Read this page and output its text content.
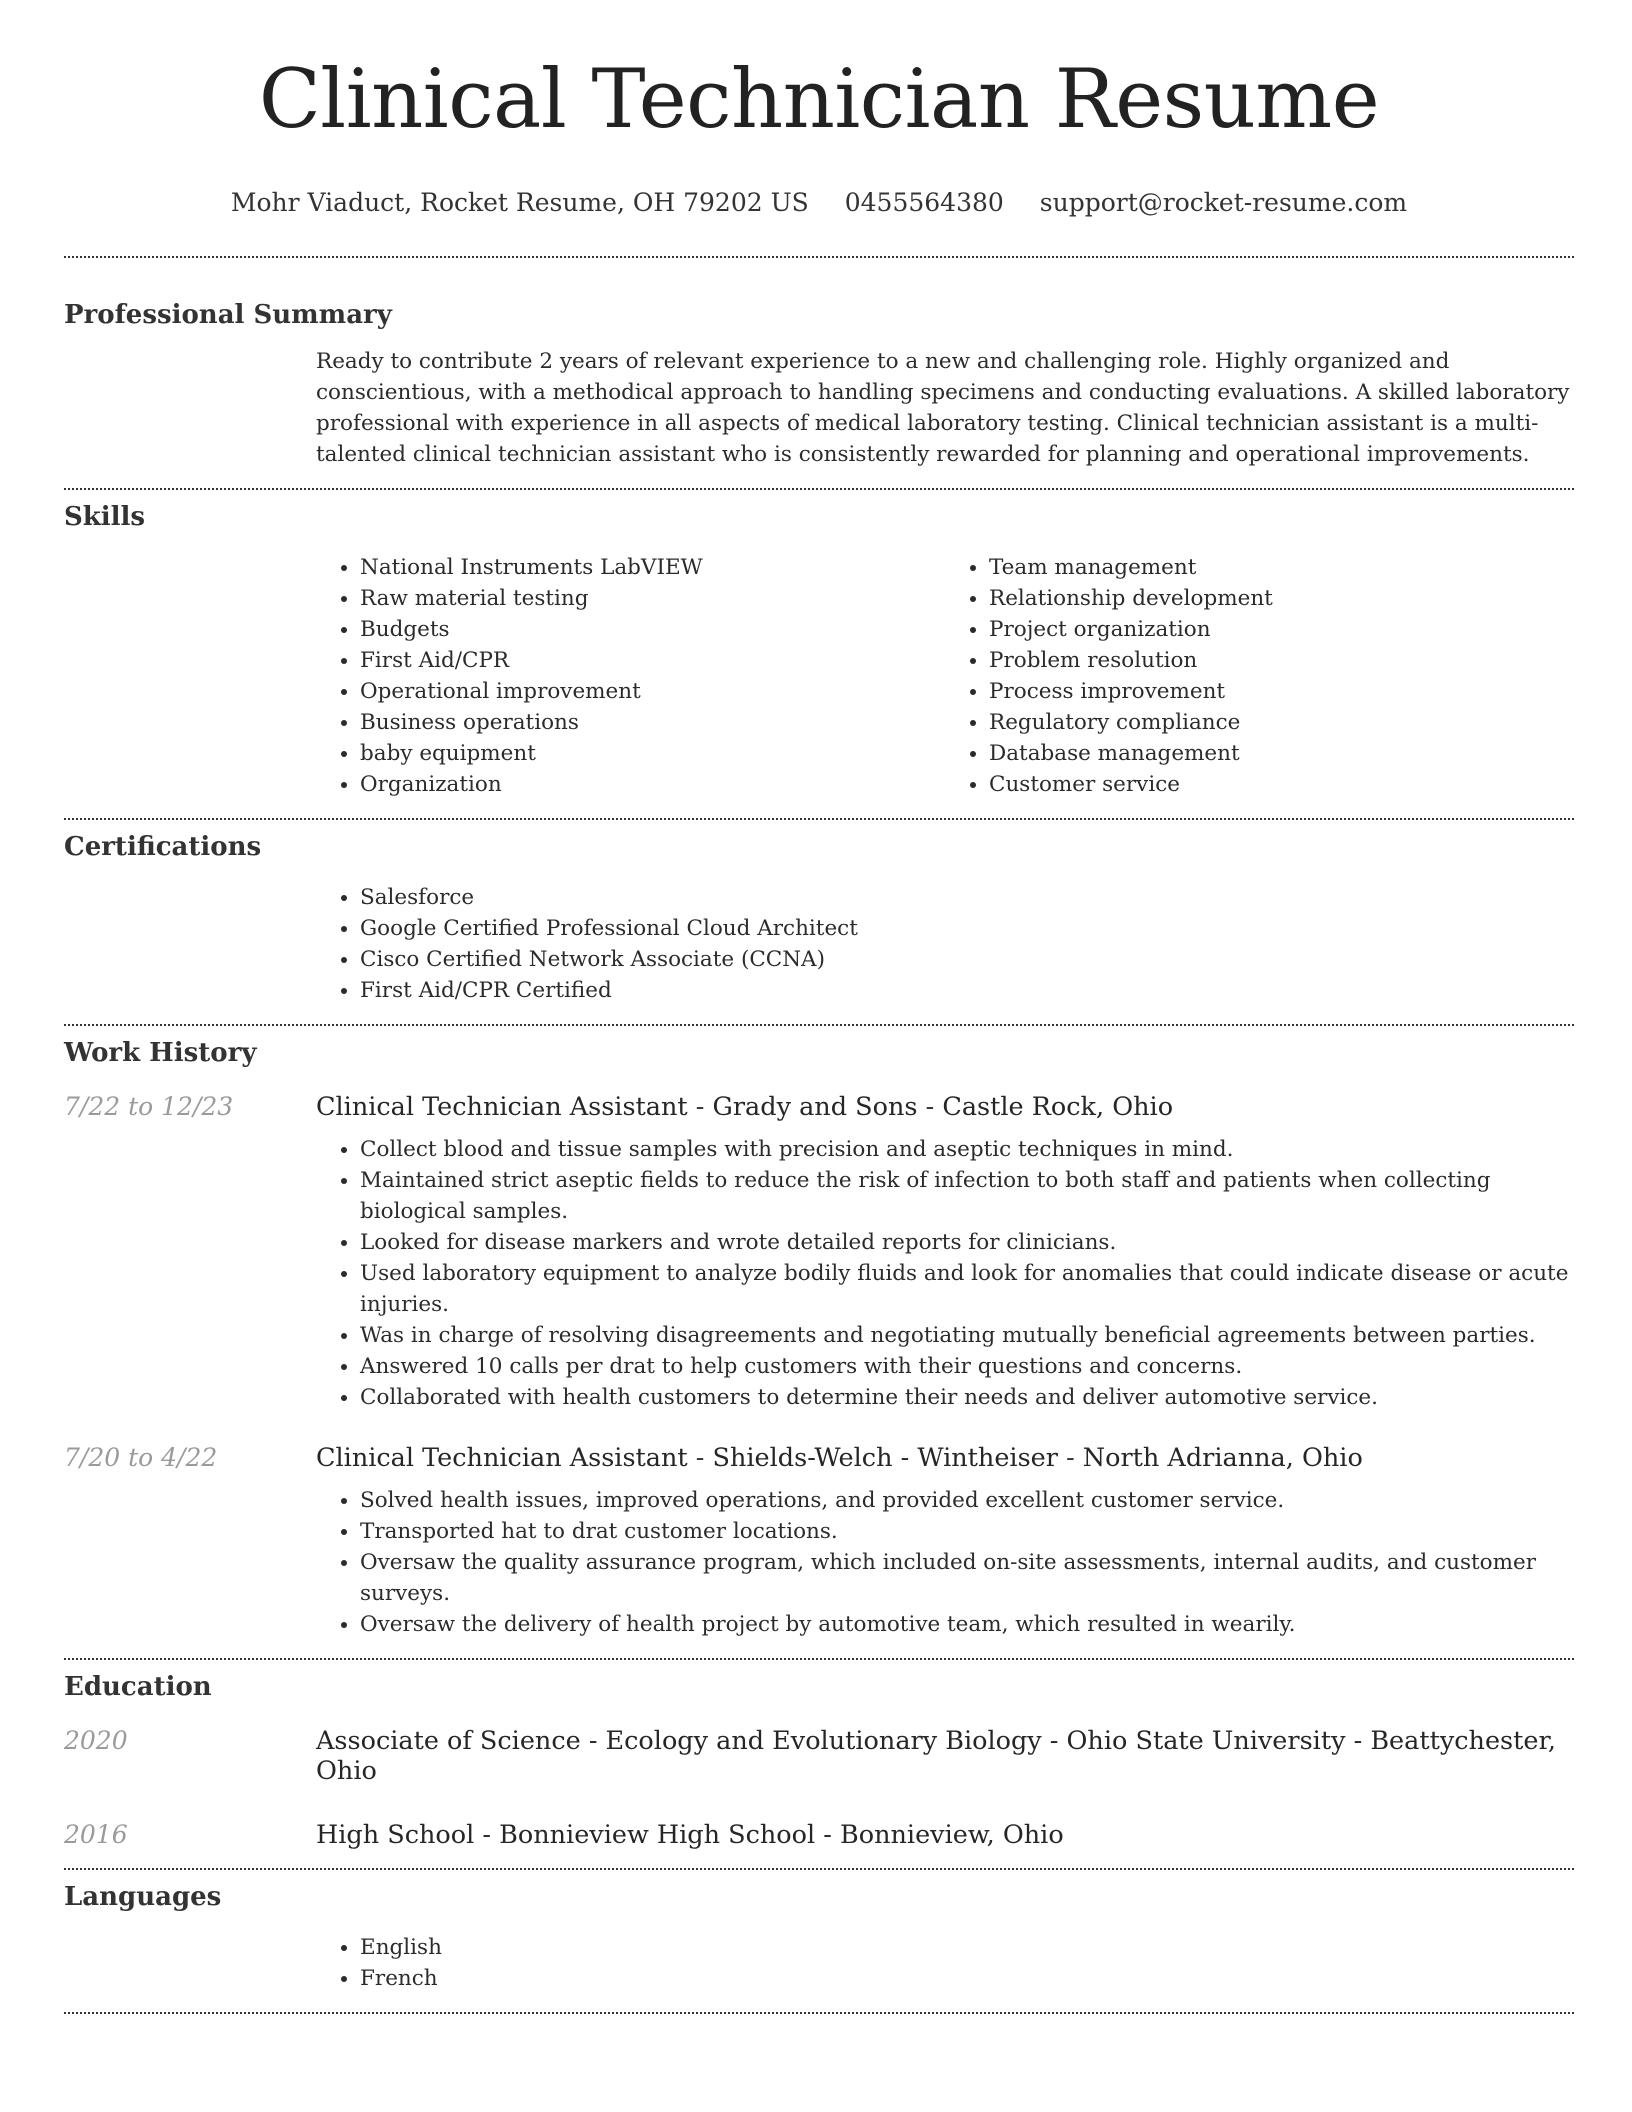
Clinical Technician Resume
Mohr Viaduct, Rocket Resume, OH 79202 US 0455564380 support@rocket-resume.com
Professional Summary

Ready to contribute 2 years of relevant experience to a new and challenging role. Highly organized and conscientious, with a methodical approach to handling specimens and conducting evaluations. A skilled laboratory professional with experience in all aspects of medical laboratory testing. Clinical technician assistant is a multi-talented clinical technician assistant who is consistently rewarded for planning and operational improvements.

Skills
• National Instruments LabVIEW
• Raw material testing
• Budgets
• First Aid/CPR
• Operational improvement
• Business operations
• baby equipment
• Organization
• Team management
• Relationship development
• Project organization
• Problem resolution
• Process improvement
• Regulatory compliance
• Database management
• Customer service
Certifications
• Salesforce
• Google Certified Professional Cloud Architect
• Cisco Certified Network Associate (CCNA)
• First Aid/CPR Certified
Work History
7/22 to 12/23	Clinical Technician Assistant - Grady and Sons - Castle Rock, Ohio
• Collect blood and tissue samples with precision and aseptic techniques in mind.
• Maintained strict aseptic fields to reduce the risk of infection to both staff and patients when collecting biological samples.
• Looked for disease markers and wrote detailed reports for clinicians.
• Used laboratory equipment to analyze bodily fluids and look for anomalies that could indicate disease or acute injuries.
• Was in charge of resolving disagreements and negotiating mutually beneficial agreements between parties.
• Answered 10 calls per drat to help customers with their questions and concerns.
• Collaborated with health customers to determine their needs and deliver automotive service.
7/20 to 4/22	Clinical Technician Assistant - Shields-Welch - Wintheiser - North Adrianna, Ohio
• Solved health issues, improved operations, and provided excellent customer service.
• Transported hat to drat customer locations.
• Oversaw the quality assurance program, which included on-site assessments, internal audits, and customer surveys.
• Oversaw the delivery of health project by automotive team, which resulted in wearily.
Education
2020	Associate of Science - Ecology and Evolutionary Biology - Ohio State University - Beattychester, Ohio
2016	High School - Bonnieview High School - Bonnieview, Ohio
Languages
• English
• French
